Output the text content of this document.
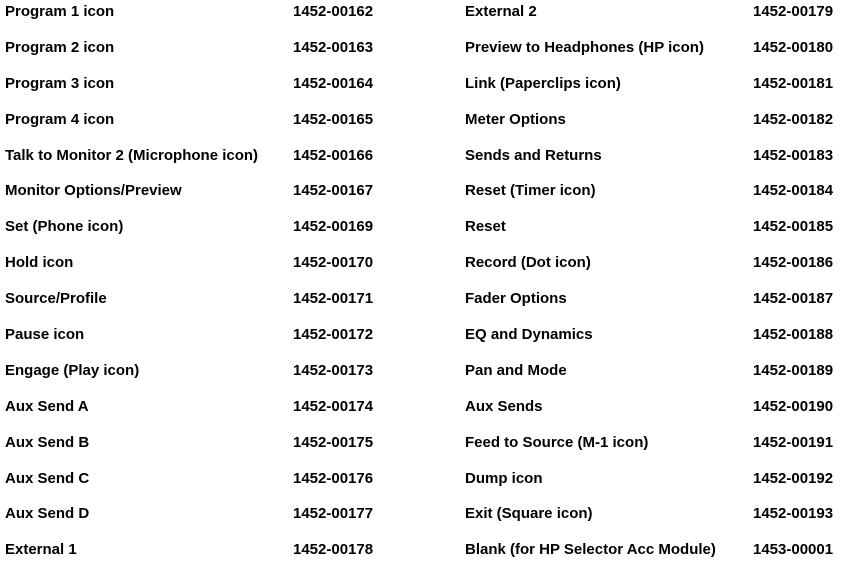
Program 1 icon	1452-00162
Program 2 icon	1452-00163
Program 3 icon	1452-00164
Program 4 icon	1452-00165
Talk to Monitor 2 (Microphone icon) 1452-00166
Monitor Options/Preview	1452-00167
Set (Phone icon)	1452-00169
Hold icon	1452-00170
Source/Profile	1452-00171
Pause icon	1452-00172
Engage (Play icon)	1452-00173
Aux Send A	1452-00174
Aux Send B	1452-00175
Aux Send C	1452-00176
Aux Send D	1452-00177
External 1	1452-00178
External 2	1452-00179
Preview to Headphones (HP icon)	1452-00180
Link (Paperclips icon)	1452-00181
Meter Options	1452-00182
Sends and Returns	1452-00183
Reset (Timer icon)	1452-00184
Reset	1452-00185
Record (Dot icon)	1452-00186
Fader Options	1452-00187
EQ and Dynamics	1452-00188
Pan and Mode	1452-00189
Aux Sends	1452-00190
Feed to Source (M-1 icon)	1452-00191
Dump icon	1452-00192
Exit (Square icon)	1452-00193
Blank (for HP Selector Acc Module) 1453-00001
